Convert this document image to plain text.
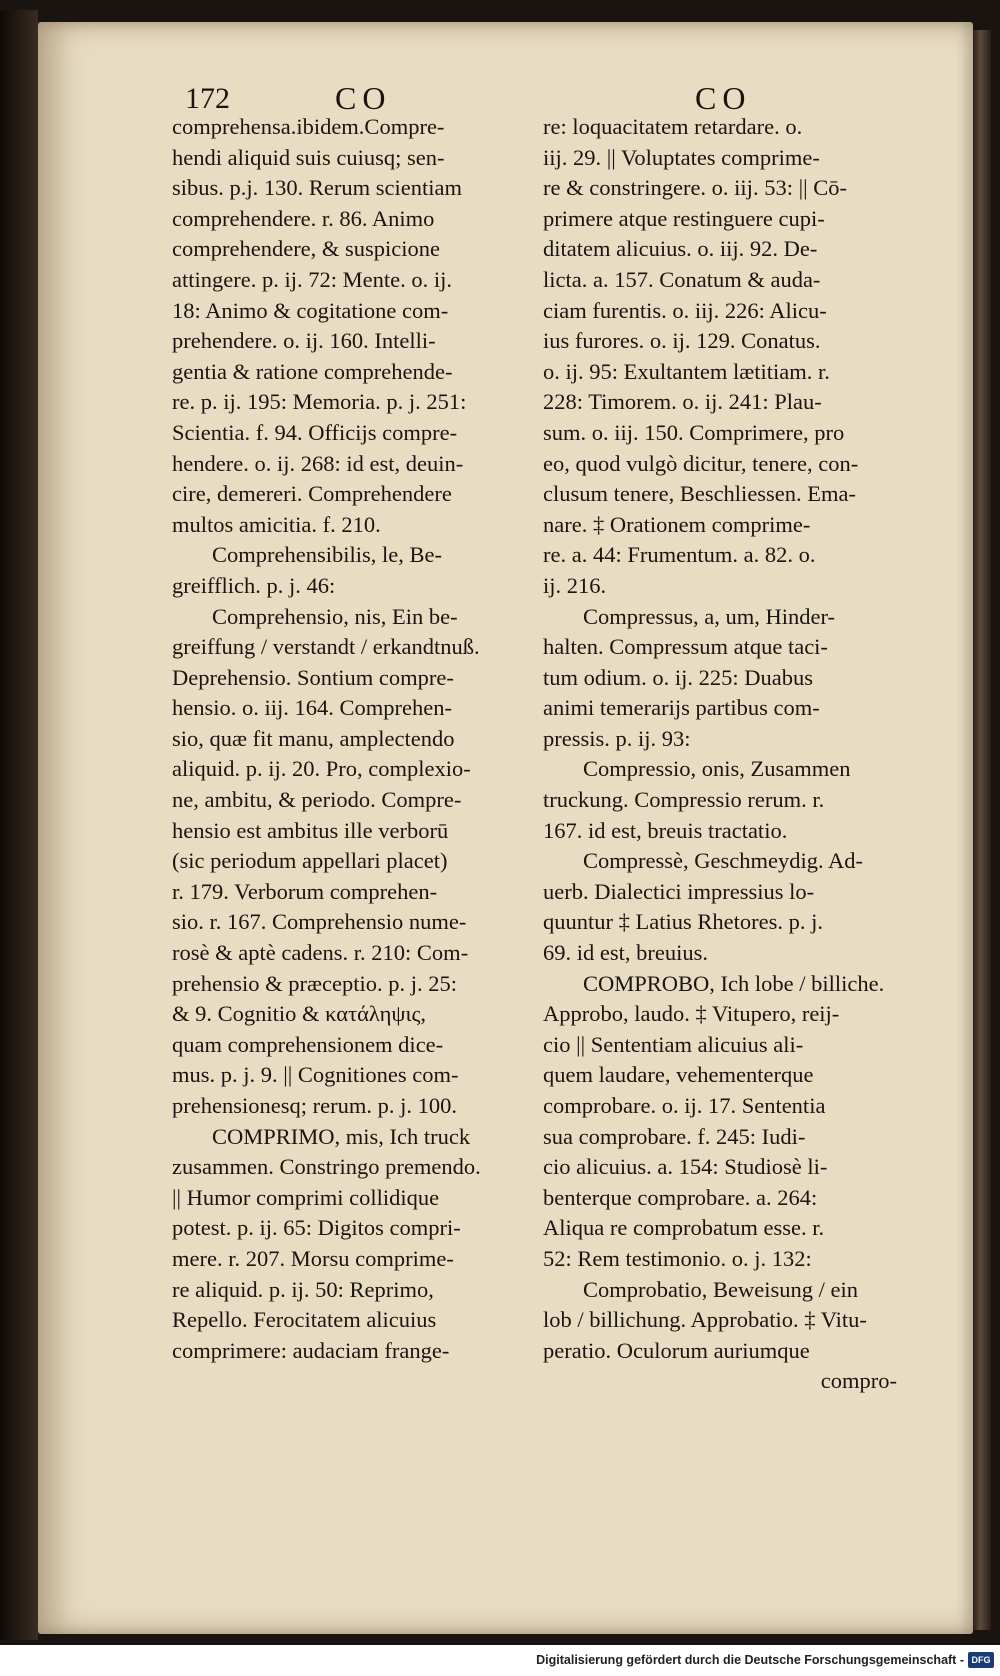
172	CO	CO
comprehensa.ibidem.Compre-
hendi aliquid suis cuiusq; sen-
sibus. p.j. 130. Rerum scientiam
comprehendere. r. 86. Animo
comprehendere, & suspicione
attingere. p. ij. 72: Mente. o. ij.
18: Animo & cogitatione com-
prehendere. o. ij. 160. Intelli-
gentia & ratione comprehende-
re. p. ij. 195: Memoria. p. j. 251:
Scientia. f. 94. Officijs compre-
hendere. o. ij. 268: id est, deuin-
cire, demereri. Comprehendere
multos amicitia. f. 210.
Comprehensibilis, le, Be-
greifflich. p. j. 46:
Comprehensio, nis, Ein be-
greiffung / verstandt / erkandtnuß.
Deprehensio. Sontium compre-
hensio. o. iij. 164. Comprehen-
sio, quæ fit manu, amplectendo
aliquid. p. ij. 20. Pro, complexio-
ne, ambitu, & periodo. Compre-
hensio est ambitus ille verborū
(sic periodum appellari placet)
r. 179. Verborum comprehen-
sio. r. 167. Comprehensio nume-
rosè & aptè cadens. r. 210: Com-
prehensio & præceptio. p. j. 25:
& 9. Cognitio & κατάληψις,
quam comprehensionem dice-
mus. p. j. 9. || Cognitiones com-
prehensionesq; rerum. p. j. 100.
COMPRIMO, mis, Ich truck
zusammen. Constringo premendo.
|| Humor comprimi collidique
potest. p. ij. 65: Digitos compri-
mere. r. 207. Morsu comprime-
re aliquid. p. ij. 50: Reprimo,
Repello. Ferocitatem alicuius
comprimere: audaciam frange-
re: loquacitatem retardare. o.
iij. 29. || Voluptates comprime-
re & constringere. o. iij. 53: || Cō-
primere atque restinguere cupi-
ditatem alicuius. o. iij. 92. De-
licta. a. 157. Conatum & auda-
ciam furentis. o. iij. 226: Alicu-
ius furores. o. ij. 129. Conatus.
o. ij. 95: Exultantem lætitiam. r.
228: Timorem. o. ij. 241: Plau-
sum. o. iij. 150. Comprimere, pro
eo, quod vulgò dicitur, tenere, con-
clusum tenere, Beschliessen. Ema-
nare. ‡ Orationem comprime-
re. a. 44: Frumentum. a. 82. o.
ij. 216.
Compressus, a, um, Hinder-
halten. Compressum atque taci-
tum odium. o. ij. 225: Duabus
animi temerarijs partibus com-
pressis. p. ij. 93:
Compressio, onis, Zusammen
truckung. Compressio rerum. r.
167. id est, breuis tractatio.
Compressè, Geschmeydig. Ad-
uerb. Dialectici impressius lo-
quuntur ‡ Latius Rhetores. p. j.
69. id est, breuius.
COMPROBO, Ich lobe / billiche.
Approbo, laudo. ‡ Vitupero, reij-
cio || Sententiam alicuius ali-
quem laudare, vehementerque
comprobare. o. ij. 17. Sententia
sua comprobare. f. 245: Iudi-
cio alicuius. a. 154: Studiosè li-
benterque comprobare. a. 264:
Aliqua re comprobatum esse. r.
52: Rem testimonio. o. j. 132:
Comprobatio, Beweisung / ein
lob / billichung. Approbatio. ‡ Vitu-
peratio. Oculorum auriumque
compro-
Digitalisierung gefördert durch die Deutsche Forschungsgemeinschaft - DFG
